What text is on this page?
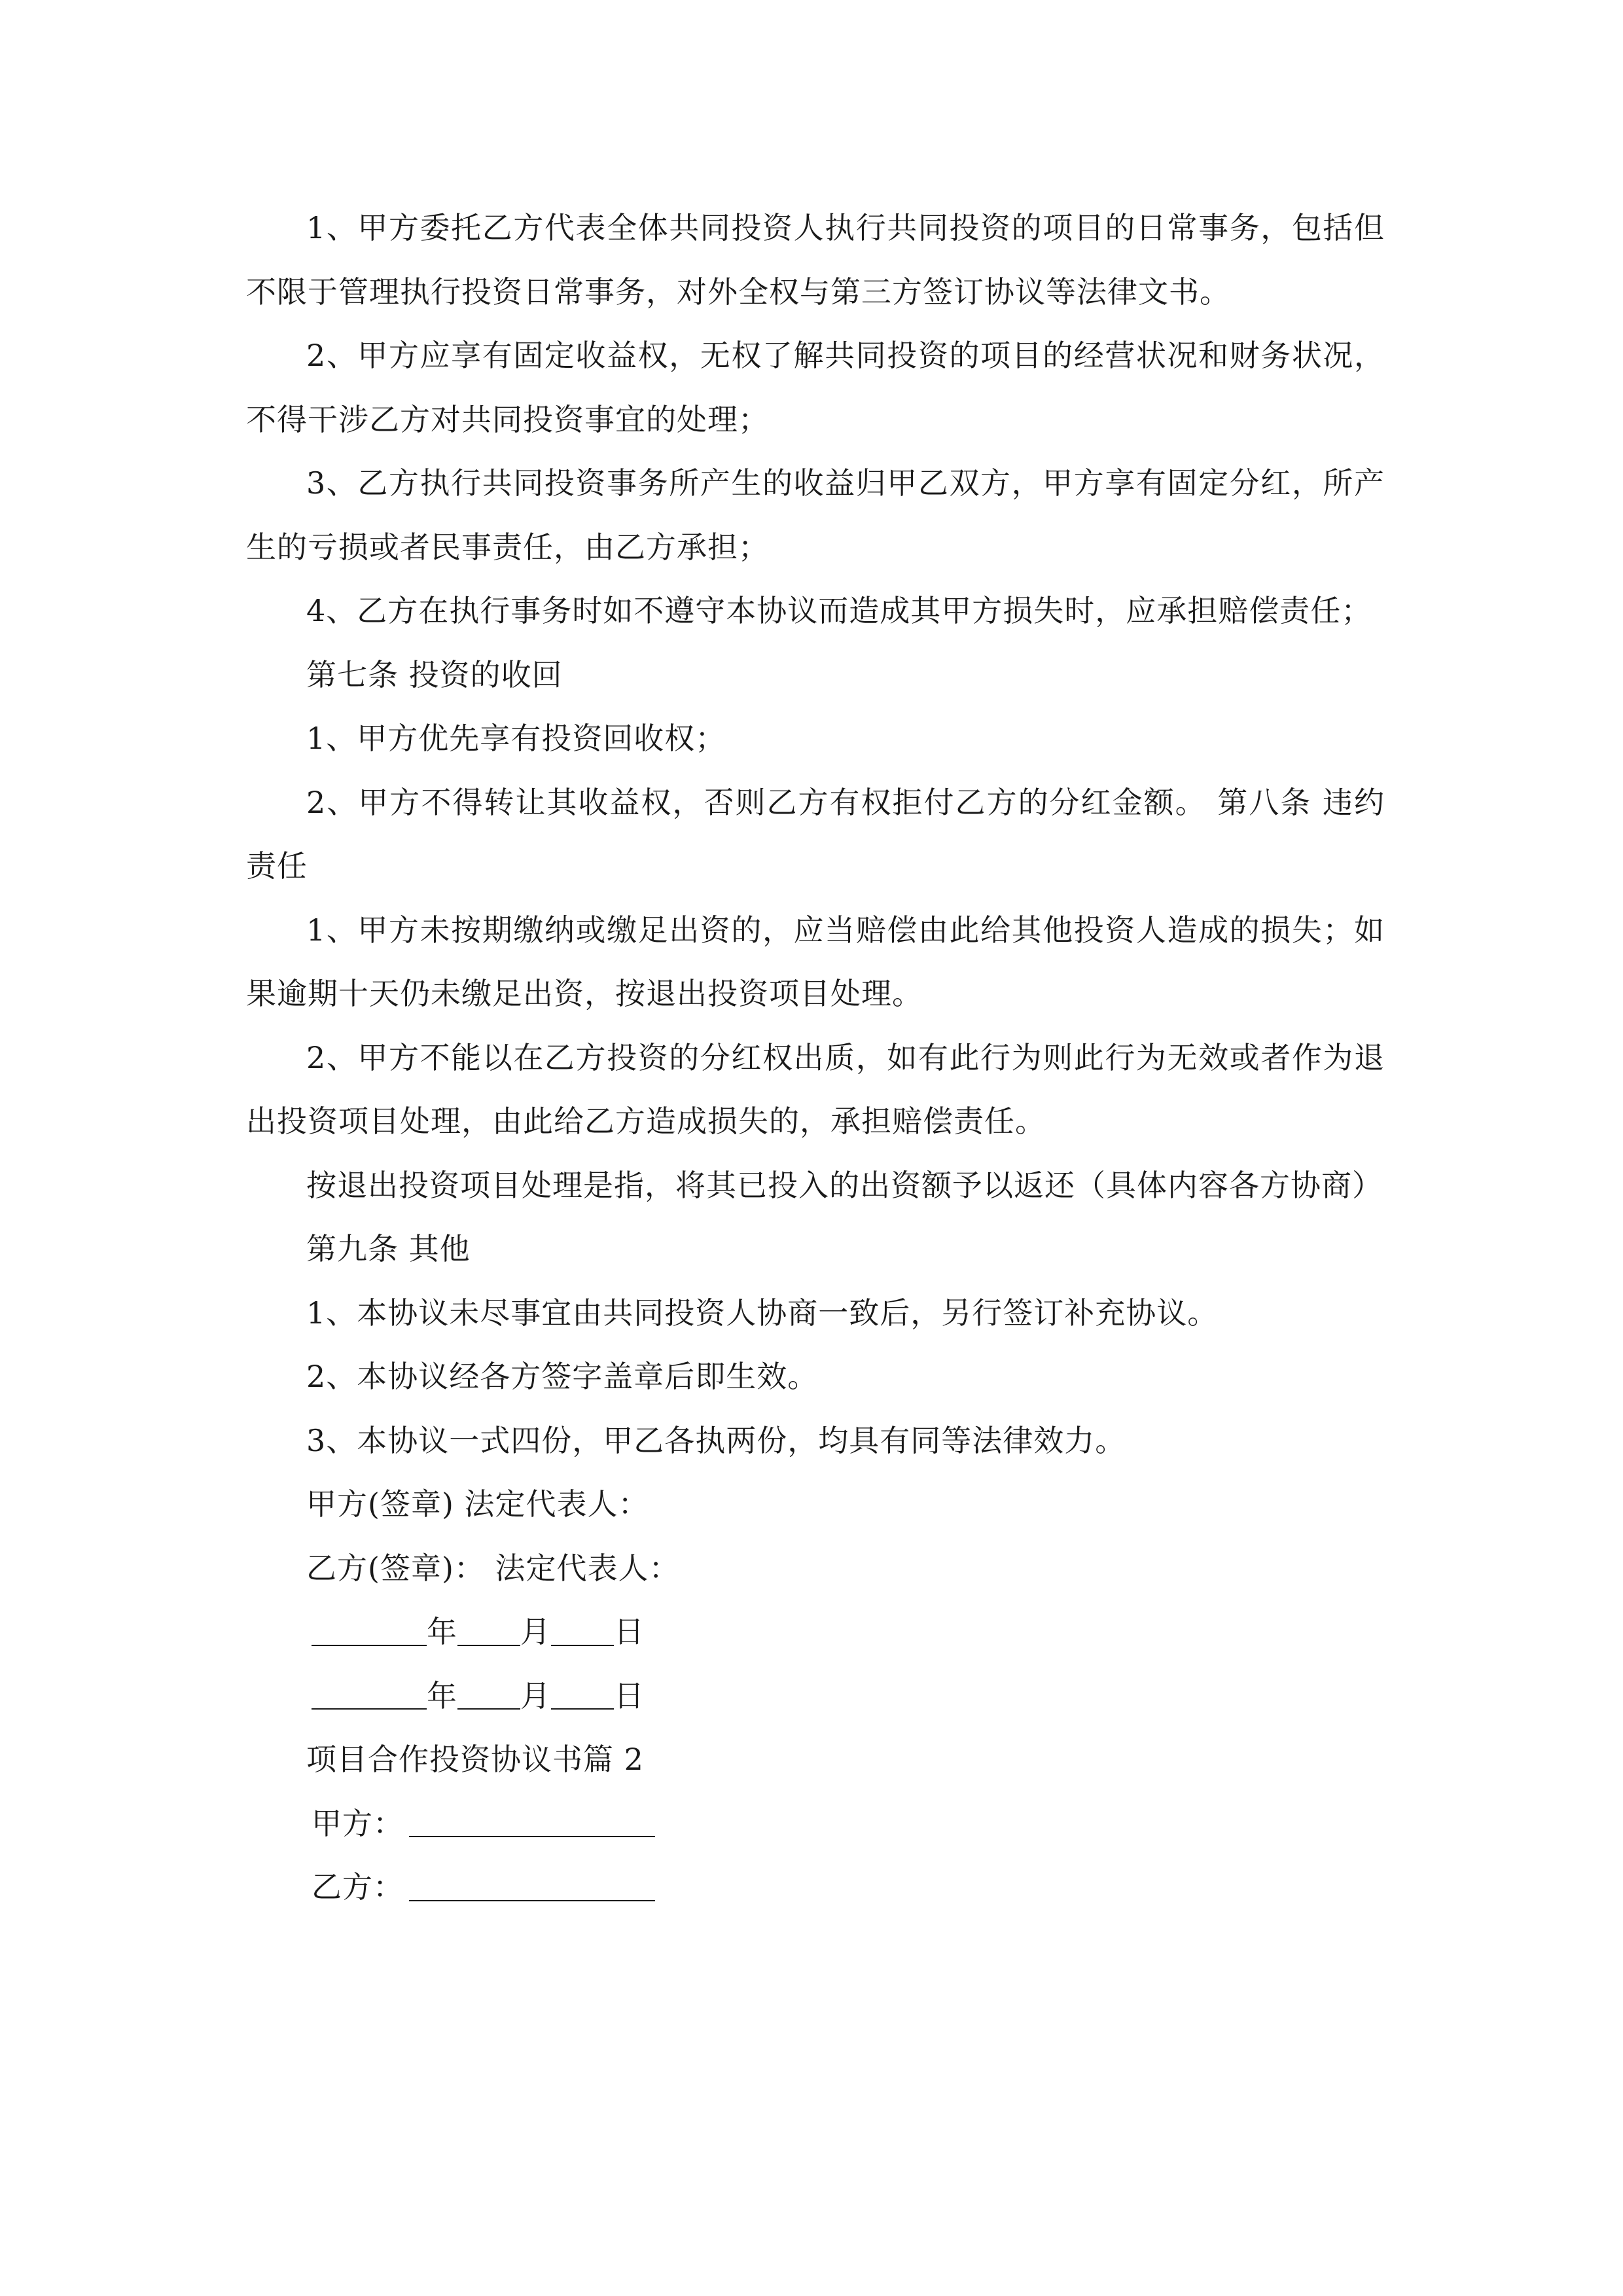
1、甲方委托乙方代表全体共同投资人执行共同投资的项目的日常事务，包括但不限于管理执行投资日常事务，对外全权与第三方签订协议等法律文书。

2、甲方应享有固定收益权，无权了解共同投资的项目的经营状况和财务状况，不得干涉乙方对共同投资事宜的处理；

3、乙方执行共同投资事务所产生的收益归甲乙双方，甲方享有固定分红，所产生的亏损或者民事责任，由乙方承担；

4、乙方在执行事务时如不遵守本协议而造成其甲方损失时，应承担赔偿责任；

第七条 投资的收回

1、甲方优先享有投资回收权；

2、甲方不得转让其收益权，否则乙方有权拒付乙方的分红金额。 第八条 违约责任

1、甲方未按期缴纳或缴足出资的，应当赔偿由此给其他投资人造成的损失；如果逾期十天仍未缴足出资，按退出投资项目处理。

2、甲方不能以在乙方投资的分红权出质，如有此行为则此行为无效或者作为退出投资项目处理，由此给乙方造成损失的，承担赔偿责任。

按退出投资项目处理是指，将其已投入的出资额予以返还（具体内容各方协商）

第九条 其他

1、本协议未尽事宜由共同投资人协商一致后，另行签订补充协议。

2、本协议经各方签字盖章后即生效。

3、本协议一式四份，甲乙各执两份，均具有同等法律效力。

甲方(签章) 法定代表人：

乙方(签章)： 法定代表人：

年 月 日

年 月 日

项目合作投资协议书篇 2

甲方：

乙方：
